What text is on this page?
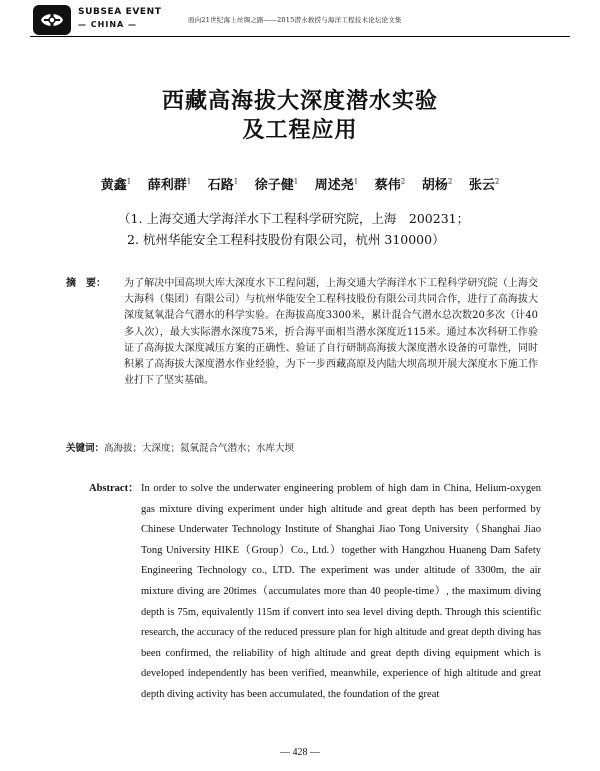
SUBSEA EVENT
— CHINA —	面向21世纪海上丝绸之路——2015潜水救捞与海洋工程技术论坛论文集
西藏高海拔大深度潜水实验
及工程应用
黄鑫$^1$ 薛利群$^1$ 石路$^1$ 徐子健$^1$ 周述尧$^1$ 蔡伟$^2$ 胡杨$^2$ 张云$^2$
（1. 上海交通大学海洋水下工程科学研究院，上海　200231；
2. 杭州华能安全工程科技股份有限公司，杭州 310000）
摘　要：	为了解决中国高坝大库大深度水下工程问题，上海交通大学海洋水下工程科学研究院（上海交大海科（集团）有限公司）与杭州华能安全工程科技股份有限公司共同合作，进行了高海拔大深度氦氧混合气潜水的科学实验。在海拔高度3300米，累计混合气潜水总次数20多次（计40多人次），最大实际潜水深度75米，折合海平面相当潜水深度近115米。通过本次科研工作验证了高海拔大深度减压方案的正确性、验证了自行研制高海拔大深度潜水设备的可靠性，同时积累了高海拔大深度潜水作业经验，为下一步西藏高原及内陆大坝高坝开展大深度水下施工作业打下了坚实基础。
关键词：高海拔；大深度；氦氧混合气潜水；水库大坝
Abstract： In order to solve the underwater engineering problem of high dam in China, Helium-oxygen gas mixture diving experiment under high altitude and great depth has been performed by Chinese Underwater Technology Institute of Shanghai Jiao Tong University（Shanghai Jiao Tong University HIKE（Group）Co., Ltd.）together with Hangzhou Huaneng Dam Safety Engineering Technology co., LTD. The experiment was under altitude of 3300m, the air mixture diving are 20times（accumulates more than 40 people-time）, the maximum diving depth is 75m, equivalently 115m if convert into sea level diving depth. Through this scientific research, the accuracy of the reduced pressure plan for high altitude and great depth diving has been confirmed, the reliability of high altitude and great depth diving equipment which is developed independently has been verified, meanwhile, experience of high altitude and great depth diving activity has been accumulated, the foundation of the great
— 428 —
